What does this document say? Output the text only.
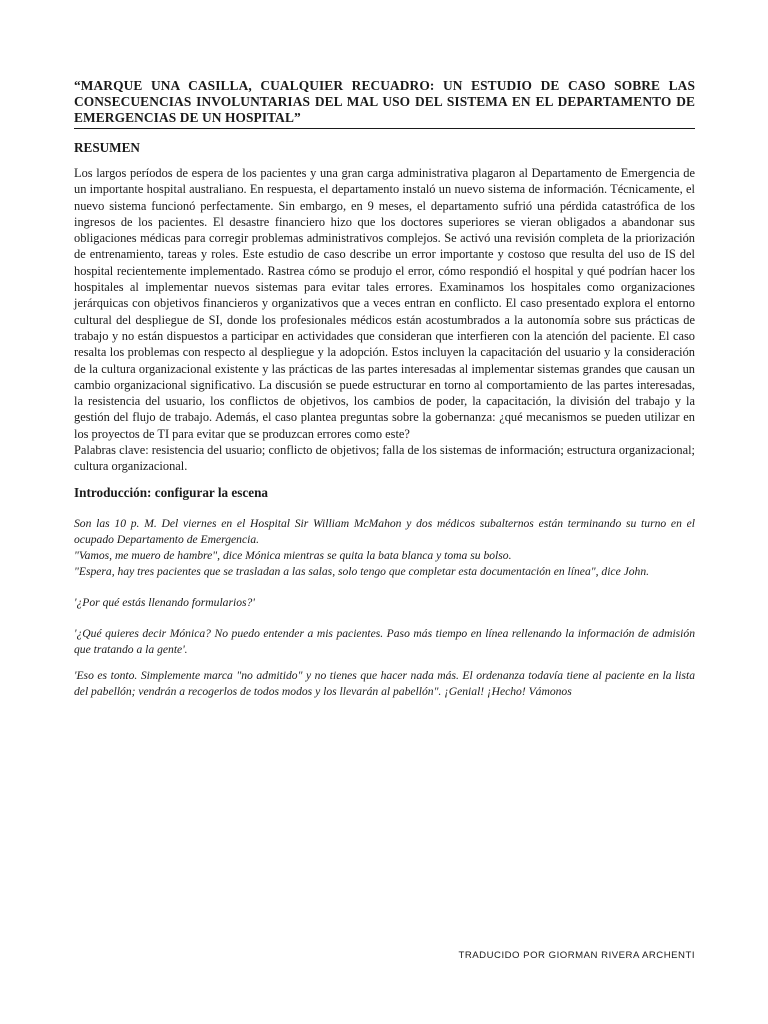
“MARQUE UNA CASILLA, CUALQUIER RECUADRO: UN ESTUDIO DE CASO SOBRE LAS CONSECUENCIAS INVOLUNTARIAS DEL MAL USO DEL SISTEMA EN EL DEPARTAMENTO DE EMERGENCIAS DE UN HOSPITAL”
RESUMEN

Los largos períodos de espera de los pacientes y una gran carga administrativa plagaron al Departamento de Emergencia de un importante hospital australiano. En respuesta, el departamento instaló un nuevo sistema de información. Técnicamente, el nuevo sistema funcionó perfectamente. Sin embargo, en 9 meses, el departamento sufrió una pérdida catastrófica de los ingresos de los pacientes. El desastre financiero hizo que los doctores superiores se vieran obligados a abandonar sus obligaciones médicas para corregir problemas administrativos complejos. Se activó una revisión completa de la priorización de entrenamiento, tareas y roles. Este estudio de caso describe un error importante y costoso que resulta del uso de IS del hospital recientemente implementado. Rastrea cómo se produjo el error, cómo respondió el hospital y qué podrían hacer los hospitales al implementar nuevos sistemas para evitar tales errores. Examinamos los hospitales como organizaciones jerárquicas con objetivos financieros y organizativos que a veces entran en conflicto. El caso presentado explora el entorno cultural del despliegue de SI, donde los profesionales médicos están acostumbrados a la autonomía sobre sus prácticas de trabajo y no están dispuestos a participar en actividades que consideran que interfieren con la atención del paciente. El caso resalta los problemas con respecto al despliegue y la adopción. Estos incluyen la capacitación del usuario y la consideración de la cultura organizacional existente y las prácticas de las partes interesadas al implementar sistemas grandes que causan un cambio organizacional significativo. La discusión se puede estructurar en torno al comportamiento de las partes interesadas, la resistencia del usuario, los conflictos de objetivos, los cambios de poder, la capacitación, la división del trabajo y la gestión del flujo de trabajo. Además, el caso plantea preguntas sobre la gobernanza: ¿qué mecanismos se pueden utilizar en los proyectos de TI para evitar que se produzcan errores como este?

Palabras clave: resistencia del usuario; conflicto de objetivos; falla de los sistemas de información; estructura organizacional; cultura organizacional.

Introducción: configurar la escena

Son las 10 p. M. Del viernes en el Hospital Sir William McMahon y dos médicos subalternos están terminando su turno en el ocupado Departamento de Emergencia.

"Vamos, me muero de hambre", dice Mónica mientras se quita la bata blanca y toma su bolso.

"Espera, hay tres pacientes que se trasladan a las salas, solo tengo que completar esta documentación en línea", dice John.

'¿Por qué estás llenando formularios?'

'¿Qué quieres decir Mónica? No puedo entender a mis pacientes. Paso más tiempo en línea rellenando la información de admisión que tratando a la gente'.

'Eso es tonto. Simplemente marca "no admitido" y no tienes que hacer nada más. El ordenanza todavía tiene al paciente en la lista del pabellón; vendrán a recogerlos de todos modos y los llevarán al pabellón". ¡Genial! ¡Hecho! Vámonos

TRADUCIDO POR GIORMAN RIVERA ARCHENTI
